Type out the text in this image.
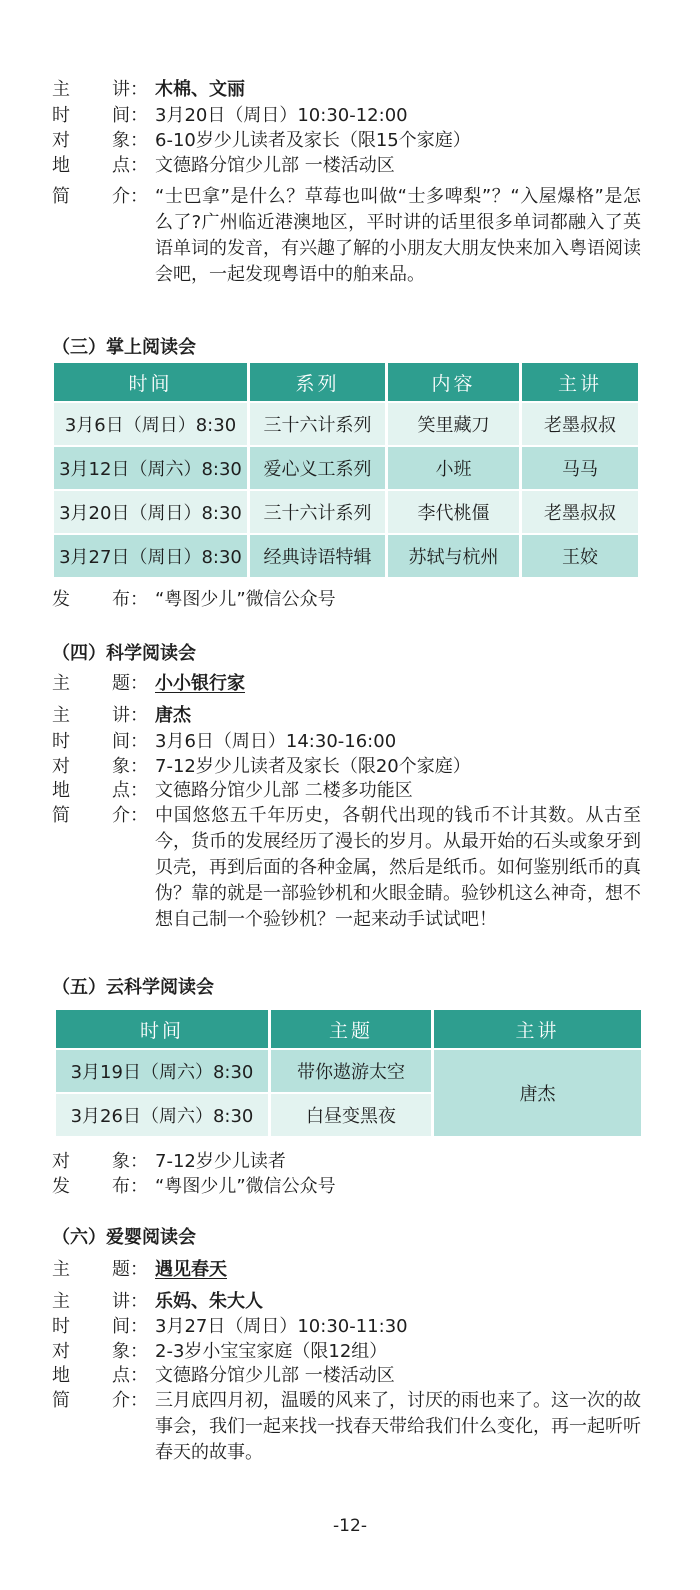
主 讲： 木棉、文丽
时 间： 3月20日（周日）10:30-12:00
对 象： 6-10岁少儿读者及家长（限15个家庭）
地 点： 文德路分馆少儿部 一楼活动区
简 介： “士巴拿”是什么？草莓也叫做“士多啤梨”？“入屋爆格”是怎么了?广州临近港澳地区，平时讲的话里很多单词都融入了英语单词的发音，有兴趣了解的小朋友大朋友快来加入粤语阅读会吧，一起发现粤语中的舶来品。
（三）掌上阅读会
时间	系列	内容	主讲
3月6日（周日）8:30	三十六计系列	笑里藏刀	老墨叔叔
3月12日（周六）8:30	爱心义工系列	小班	马马
3月20日（周日）8:30	三十六计系列	李代桃僵	老墨叔叔
3月27日（周日）8:30	经典诗语特辑	苏轼与杭州	王姣
发 布： “粤图少儿”微信公众号
（四）科学阅读会
主 题： 小小银行家
主 讲： 唐杰
时 间： 3月6日（周日）14:30-16:00
对 象： 7-12岁少儿读者及家长（限20个家庭）
地 点： 文德路分馆少儿部 二楼多功能区
简 介： 中国悠悠五千年历史，各朝代出现的钱币不计其数。从古至今，货币的发展经历了漫长的岁月。从最开始的石头或象牙到贝壳，再到后面的各种金属，然后是纸币。如何鉴别纸币的真伪？靠的就是一部验钞机和火眼金睛。验钞机这么神奇，想不想自己制一个验钞机？一起来动手试试吧！
（五）云科学阅读会
时间	主题	主讲
3月19日（周六）8:30	带你遨游太空	唐杰
3月26日（周六）8:30	白昼变黑夜	
对 象： 7-12岁少儿读者
发 布： “粤图少儿”微信公众号
（六）爱婴阅读会
主 题： 遇见春天
主 讲： 乐妈、朱大人
时 间： 3月27日（周日）10:30-11:30
对 象： 2-3岁小宝宝家庭（限12组）
地 点： 文德路分馆少儿部 一楼活动区
简 介： 三月底四月初，温暖的风来了，讨厌的雨也来了。这一次的故事会，我们一起来找一找春天带给我们什么变化，再一起听听春天的故事。
-12-
